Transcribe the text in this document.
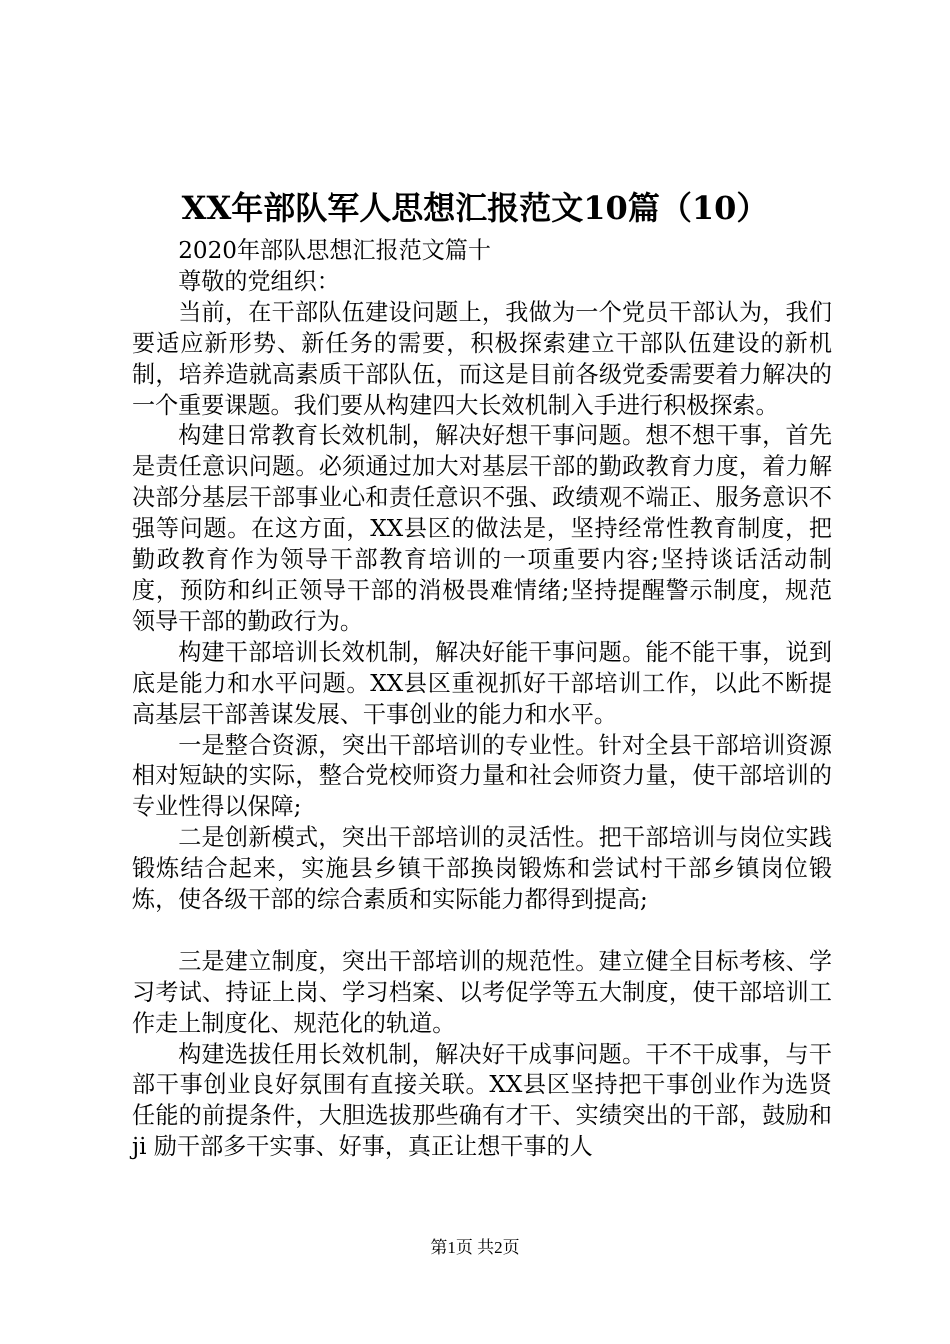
XX年部队军人思想汇报范文10篇（10）

2020年部队思想汇报范文篇十

尊敬的党组织：

当前，在干部队伍建设问题上，我做为一个党员干部认为，我们要适应新形势、新任务的需要，积极探索建立干部队伍建设的新机制，培养造就高素质干部队伍，而这是目前各级党委需要着力解决的一个重要课题。我们要从构建四大长效机制入手进行积极探索。

构建日常教育长效机制，解决好想干事问题。想不想干事，首先是责任意识问题。必须通过加大对基层干部的勤政教育力度，着力解决部分基层干部事业心和责任意识不强、政绩观不端正、服务意识不强等问题。在这方面，XX县区的做法是，坚持经常性教育制度，把勤政教育作为领导干部教育培训的一项重要内容;坚持谈话活动制度，预防和纠正领导干部的消极畏难情绪;坚持提醒警示制度，规范领导干部的勤政行为。

构建干部培训长效机制，解决好能干事问题。能不能干事，说到底是能力和水平问题。XX县区重视抓好干部培训工作，以此不断提高基层干部善谋发展、干事创业的能力和水平。

一是整合资源，突出干部培训的专业性。针对全县干部培训资源相对短缺的实际，整合党校师资力量和社会师资力量，使干部培训的专业性得以保障;

二是创新模式，突出干部培训的灵活性。把干部培训与岗位实践锻炼结合起来，实施县乡镇干部换岗锻炼和尝试村干部乡镇岗位锻炼，使各级干部的综合素质和实际能力都得到提高;

三是建立制度，突出干部培训的规范性。建立健全目标考核、学习考试、持证上岗、学习档案、以考促学等五大制度，使干部培训工作走上制度化、规范化的轨道。

构建选拔任用长效机制，解决好干成事问题。干不干成事，与干部干事创业良好氛围有直接关联。XX县区坚持把干事创业作为选贤任能的前提条件，大胆选拔那些确有才干、实绩突出的干部，鼓励和 ji 励干部多干实事、好事，真正让想干事的人

第1页 共2页
